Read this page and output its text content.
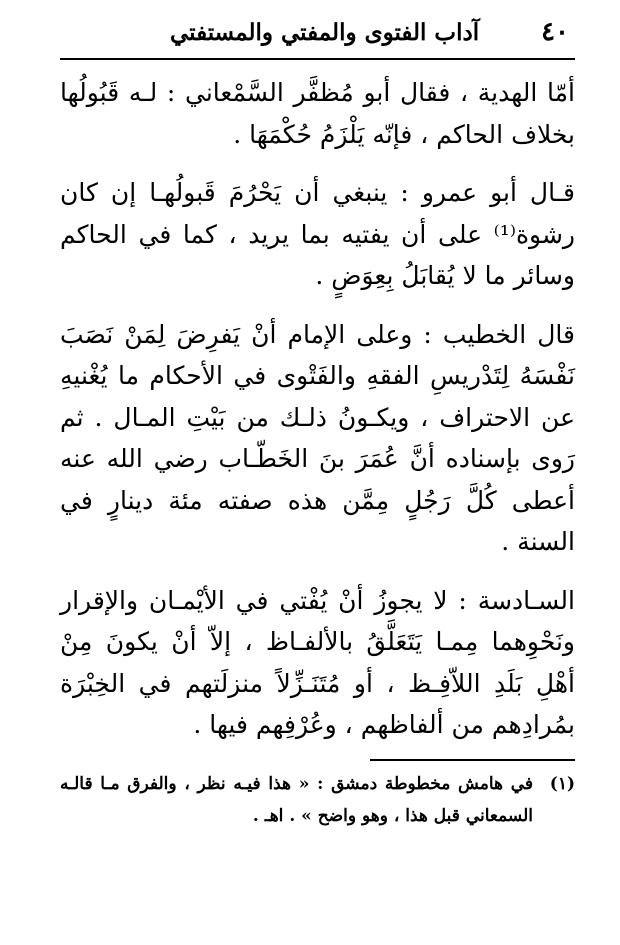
٤٠
آداب الفتوى والمفتي والمستفتي

أمّا الهدية ، فقال أبو مُظفَّر السَّمْعاني : لـه قَبُولُها بخلاف الحاكم ، فإنّه يَلْزَمُ حُكْمَهَا .

قـال أبو عمرو : ينبغي أن يَحْرُمَ قَبولُهـا إن كان رشوة⁽¹⁾ على أن يفتيه بما يريد ، كما في الحاكم وسائر ما لا يُقابَلُ بِعِوَضٍ .

قال الخطيب : وعلى الإمام أنْ يَفرِضَ لِمَنْ نَصَبَ نَفْسَهُ لِتَدْريسِ الفقهِ والفَتْوى في الأحكام ما يُغْنيهِ عن الاحتراف ، ويكـونُ ذلـك من بَيْتِ المـال . ثم رَوى بإسناده أنَّ عُمَرَ بنَ الخَطّـاب رضي الله عنه أعطى كُلَّ رَجُلٍ مِمَّن هذه صفته مئة دينارٍ في السنة .

السـادسة : لا يجوزُ أنْ يُفْتي في الأيْمـان والإقرار ونَحْوِهما مِمـا يَتَعَلَّقُ بالألفـاظ ، إلاّ أنْ يكونَ مِنْ أهْلِ بَلَدِ اللاّفِـظ ، أو مُتَنَـزِّلاً منزلَتهم في الخِبْرَة بمُرادِهم من ألفاظهم ، وعُرْفِهم فيها .

(١)
في هامش مخطوطة دمشق : « هذا فيـه نظر ، والفرق مـا قالـه السمعاني قبل هذا ، وهو واضح » . اهـ .
